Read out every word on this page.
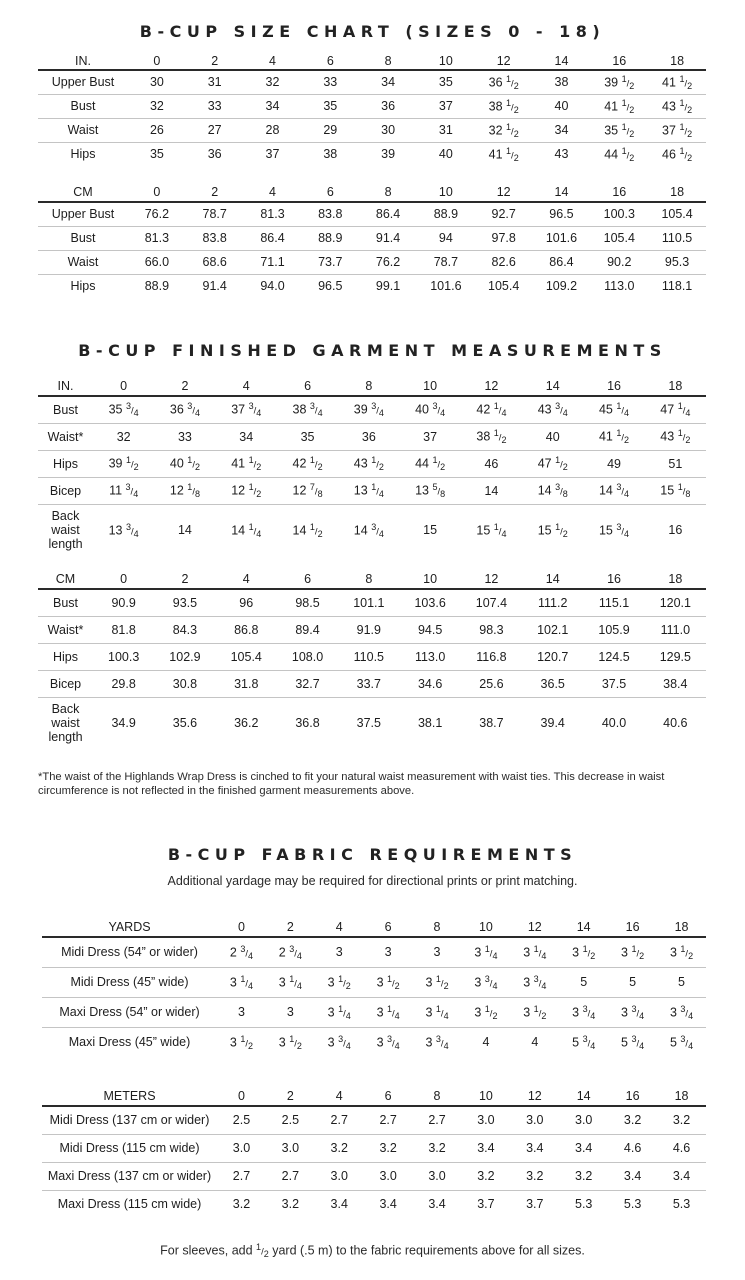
B-CUP SIZE CHART (SIZES 0 - 18)
IN.	0	2	4	6	8	10	12	14	16	18
Upper Bust	30	31	32	33	34	35	36 $^1/_2$	38	39 $^1/_2$	41 $^1/_2$
Bust	32	33	34	35	36	37	38 $^1/_2$	40	41 $^1/_2$	43 $^1/_2$
Waist	26	27	28	29	30	31	32 $^1/_2$	34	35 $^1/_2$	37 $^1/_2$
Hips	35	36	37	38	39	40	41 $^1/_2$	43	44 $^1/_2$	46 $^1/_2$
CM	0	2	4	6	8	10	12	14	16	18
Upper Bust	76.2	78.7	81.3	83.8	86.4	88.9	92.7	96.5	100.3	105.4
Bust	81.3	83.8	86.4	88.9	91.4	94	97.8	101.6	105.4	110.5
Waist	66.0	68.6	71.1	73.7	76.2	78.7	82.6	86.4	90.2	95.3
Hips	88.9	91.4	94.0	96.5	99.1	101.6	105.4	109.2	113.0	118.1
B-CUP FINISHED GARMENT MEASUREMENTS
IN.	0	2	4	6	8	10	12	14	16	18
Bust	35 $^3/_4$	36 $^3/_4$	37 $^3/_4$	38 $^3/_4$	39 $^3/_4$	40 $^3/_4$	42 $^1/_4$	43 $^3/_4$	45 $^1/_4$	47 $^1/_4$
Waist*	32	33	34	35	36	37	38 $^1/_2$	40	41 $^1/_2$	43 $^1/_2$
Hips	39 $^1/_2$	40 $^1/_2$	41 $^1/_2$	42 $^1/_2$	43 $^1/_2$	44 $^1/_2$	46	47 $^1/_2$	49	51
Bicep	11 $^3/_4$	12 $^1/_8$	12 $^1/_2$	12 $^7/_8$	13 $^1/_4$	13 $^5/_8$	14	14 $^3/_8$	14 $^3/_4$	15 $^1/_8$
Back waist length	13 $^3/_4$	14	14 $^1/_4$	14 $^1/_2$	14 $^3/_4$	15	15 $^1/_4$	15 $^1/_2$	15 $^3/_4$	16
CM	0	2	4	6	8	10	12	14	16	18
Bust	90.9	93.5	96	98.5	101.1	103.6	107.4	111.2	115.1	120.1
Waist*	81.8	84.3	86.8	89.4	91.9	94.5	98.3	102.1	105.9	111.0
Hips	100.3	102.9	105.4	108.0	110.5	113.0	116.8	120.7	124.5	129.5
Bicep	29.8	30.8	31.8	32.7	33.7	34.6	25.6	36.5	37.5	38.4
Back waist length	34.9	35.6	36.2	36.8	37.5	38.1	38.7	39.4	40.0	40.6
*The waist of the Highlands Wrap Dress is cinched to fit your natural waist measurement with waist ties. This decrease in waist circumference is not reflected in the finished garment measurements above.
B-CUP FABRIC REQUIREMENTS
Additional yardage may be required for directional prints or print matching.
YARDS	0	2	4	6	8	10	12	14	16	18
Midi Dress (54” or wider)	2 $^3/_4$	2 $^3/_4$	3	3	3	3 $^1/_4$	3 $^1/_4$	3 $^1/_2$	3 $^1/_2$	3 $^1/_2$
Midi Dress (45” wide)	3 $^1/_4$	3 $^1/_4$	3 $^1/_2$	3 $^1/_2$	3 $^1/_2$	3 $^3/_4$	3 $^3/_4$	5	5	5
Maxi Dress (54” or wider)	3	3	3 $^1/_4$	3 $^1/_4$	3 $^1/_4$	3 $^1/_2$	3 $^1/_2$	3 $^3/_4$	3 $^3/_4$	3 $^3/_4$
Maxi Dress (45” wide)	3 $^1/_2$	3 $^1/_2$	3 $^3/_4$	3 $^3/_4$	3 $^3/_4$	4	4	5 $^3/_4$	5 $^3/_4$	5 $^3/_4$
METERS	0	2	4	6	8	10	12	14	16	18
Midi Dress (137 cm or wider)	2.5	2.5	2.7	2.7	2.7	3.0	3.0	3.0	3.2	3.2
Midi Dress (115 cm wide)	3.0	3.0	3.2	3.2	3.2	3.4	3.4	3.4	4.6	4.6
Maxi Dress (137 cm or wider)	2.7	2.7	3.0	3.0	3.0	3.2	3.2	3.2	3.4	3.4
Maxi Dress (115 cm wide)	3.2	3.2	3.4	3.4	3.4	3.7	3.7	5.3	5.3	5.3
For sleeves, add $^1/_2$ yard (.5 m) to the fabric requirements above for all sizes.
